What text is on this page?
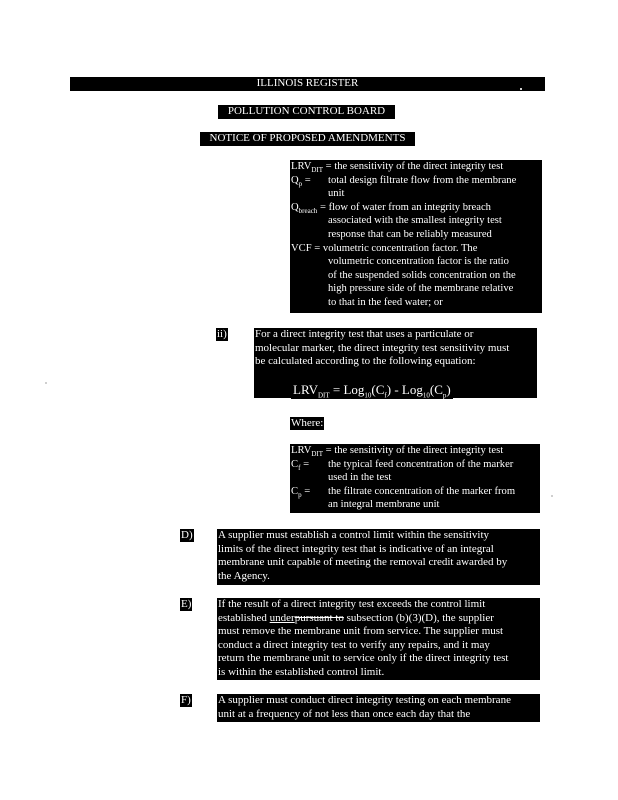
ILLINOIS REGISTER
POLLUTION CONTROL BOARD
NOTICE OF PROPOSED AMENDMENTS
$LRV_{DIT}$ = the sensitivity of the direct integrity test
$Q_p$ =	total design filtrate flow from the membrane
unit
$Q_{breach}$ = flow of water from an integrity breach
associated with the smallest integrity test
response that can be reliably measured
VCF = volumetric concentration factor. The
volumetric concentration factor is the ratio
of the suspended solids concentration on the
high pressure side of the membrane relative
to that in the feed water; or
ii)	For a direct integrity test that uses a particulate or
molecular marker, the direct integrity test sensitivity must
be calculated according to the following equation:
$LRV_{DIT} = Log_{10}(C_f) - Log_{10}(C_p)$
Where:
$LRV_{DIT}$ = the sensitivity of the direct integrity test
$C_f$ =	the typical feed concentration of the marker
used in the test
$C_p$ =	the filtrate concentration of the marker from
an integral membrane unit
D) A supplier must establish a control limit within the sensitivity
limits of the direct integrity test that is indicative of an integral
membrane unit capable of meeting the removal credit awarded by
the Agency.
E) If the result of a direct integrity test exceeds the control limit
established underpursuant to subsection (b)(3)(D), the supplier
must remove the membrane unit from service. The supplier must
conduct a direct integrity test to verify any repairs, and it may
return the membrane unit to service only if the direct integrity test
is within the established control limit.
F) A supplier must conduct direct integrity testing on each membrane
unit at a frequency of not less than once each day that the
